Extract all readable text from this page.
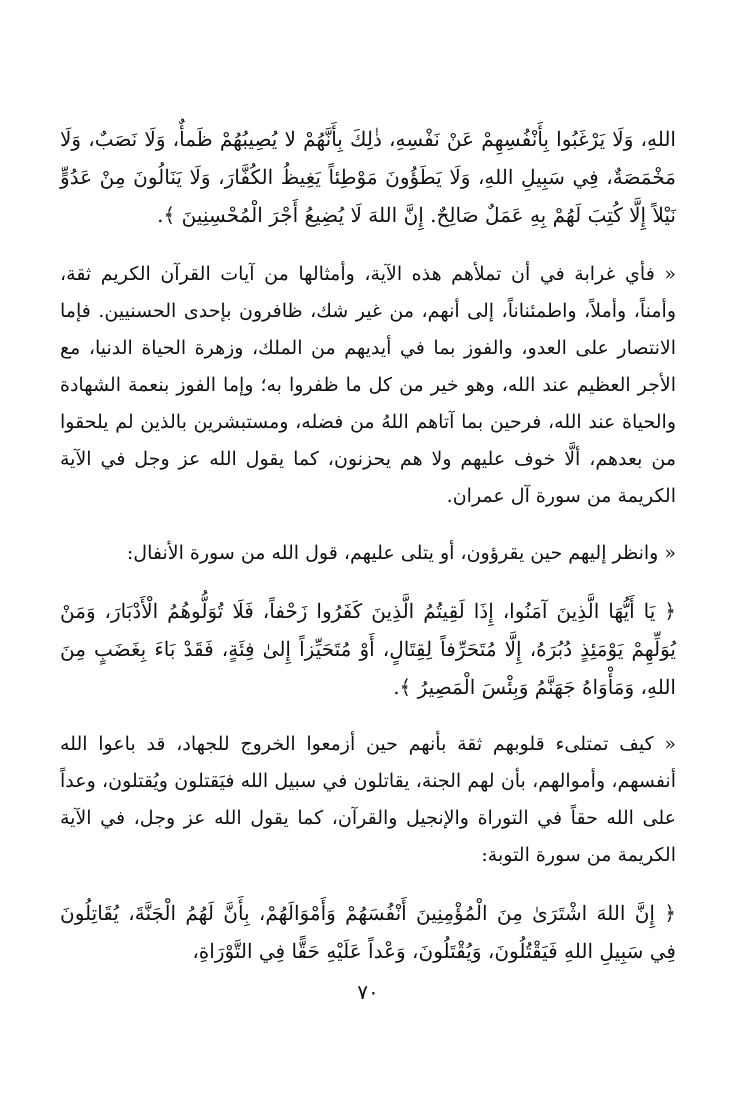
اللهِ، وَلَا يَرْغَبُوا بِأَنْفُسِهِمْ عَنْ نَفْسِهِ، ذٰلِكَ بِأَنَّهُمْ لا يُصِيبُهُمْ ظَمأٌ، وَلَا نَصَبٌ، وَلَا مَخْمَصَةٌ، فِي سَبِيلِ اللهِ، وَلَا يَطَؤُونَ مَوْطِئاً يَغِيظُ الكُفَّارَ، وَلَا يَنَالُونَ مِنْ عَدُوٍّ نَيْلاً إِلَّا كُتِبَ لَهُمْ بِهِ عَمَلٌ صَالِحٌ. إِنَّ اللهَ لَا يُضِيعُ أَجْرَ الْمُحْسِنِينَ ﴾.

« فأي غرابة في أن تملأهم هذه الآية، وأمثالها من آيات القرآن الكريم ثقة، وأمناً، وأملاً، واطمئناناً، إلى أنهم، من غير شك، ظافرون بإحدى الحسنيين. فإما الانتصار على العدو، والفوز بما في أيديهم من الملك، وزهرة الحياة الدنيا، مع الأجر العظيم عند الله، وهو خير من كل ما ظفروا به؛ وإما الفوز بنعمة الشهادة والحياة عند الله، فرحين بما آتاهم اللهُ من فضله، ومستبشرين بالذين لم يلحقوا من بعدهم، ألَّا خوف عليهم ولا هم يحزنون، كما يقول الله عز وجل في الآية الكريمة من سورة آل عمران.

« وانظر إليهم حين يقرؤون، أو يتلى عليهم، قول الله من سورة الأنفال:

﴿ يَا أَيُّهَا الَّذِينَ آمَنُوا، إِذَا لَقِيتُمُ الَّذِينَ كَفَرُوا زَحْفاً، فَلَا تُوَلُّوهُمُ الْأَدْبَارَ، وَمَنْ يُوَلِّهِمْ يَوْمَئِذٍ دُبُرَهُ، إِلَّا مُتَحَرِّفاً لِقِتَالٍ، أَوْ مُتَحَيِّزاً إِلىٰ فِئَةٍ، فَقَدْ بَاءَ بِغَضَبٍ مِنَ اللهِ، وَمَأْوَاهُ جَهَنَّمُ وَبِئْسَ الْمَصِيرُ ﴾.

« كيف تمتلىء قلوبهم ثقة بأنهم حين أزمعوا الخروج للجهاد، قد باعوا الله أنفسهم، وأموالهم، بأن لهم الجنة، يقاتلون في سبيل الله فيَقتلون ويُقتلون، وعداً على الله حقاً في التوراة والإنجيل والقرآن، كما يقول الله عز وجل، في الآية الكريمة من سورة التوبة:

﴿ إِنَّ اللهَ اشْتَرَىٰ مِنَ الْمُؤْمِنِينَ أَنْفُسَهُمْ وَأَمْوَالَهُمْ، بِأَنَّ لَهُمُ الْجَنَّةَ، يُقَاتِلُونَ فِي سَبِيلِ اللهِ فَيَقْتُلُونَ، وَيُقْتَلُونَ، وَعْداً عَلَيْهِ حَقًّا فِي التَّوْرَاةِ،

٧٠
